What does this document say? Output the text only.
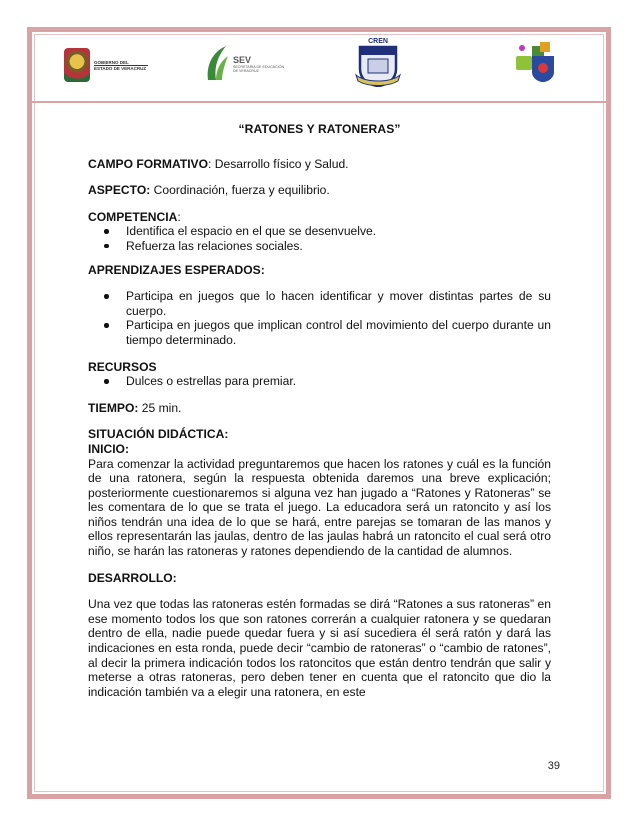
GOBIERNO DEL
ESTADO DE VERACRUZ
SEV
SECRETARÍA DE EDUCACIÓN
DE VERACRUZ
CREN

“RATONES Y RATONERAS”

CAMPO FORMATIVO: Desarrollo físico y Salud.

ASPECTO: Coordinación, fuerza y equilibrio.

COMPETENCIA:

Identifica el espacio en el que se desenvuelve.
Refuerza las relaciones sociales.

APRENDIZAJES ESPERADOS:

Participa en juegos que lo hacen identificar y mover distintas partes de su cuerpo.
Participa en juegos que implican control del movimiento del cuerpo durante un tiempo determinado.

RECURSOS

Dulces o estrellas para premiar.

TIEMPO: 25 min.

SITUACIÓN DIDÁCTICA:

INICIO:

Para comenzar la actividad preguntaremos que hacen los ratones y cuál es la función de una ratonera, según la respuesta obtenida daremos una breve explicación; posteriormente cuestionaremos si alguna vez han jugado a “Ratones y Ratoneras” se les comentara de lo que se trata el juego. La educadora será un ratoncito y así los niños tendrán una idea de lo que se hará, entre parejas se tomaran de las manos y ellos representarán las jaulas, dentro de las jaulas habrá un ratoncito el cual será otro niño, se harán las ratoneras y ratones dependiendo de la cantidad de alumnos.

DESARROLLO:

Una vez que todas las ratoneras estén formadas se dirá “Ratones a sus ratoneras” en ese momento todos los que son ratones correrán a cualquier ratonera y se quedaran dentro de ella, nadie puede quedar fuera y si así sucediera él será ratón y dará las indicaciones en esta ronda, puede decir “cambio de ratoneras” o “cambio de ratones”, al decir la primera indicación todos los ratoncitos que están dentro tendrán que salir y meterse a otras ratoneras, pero deben tener en cuenta que el ratoncito que dio la indicación también va a elegir una ratonera, en este

39
